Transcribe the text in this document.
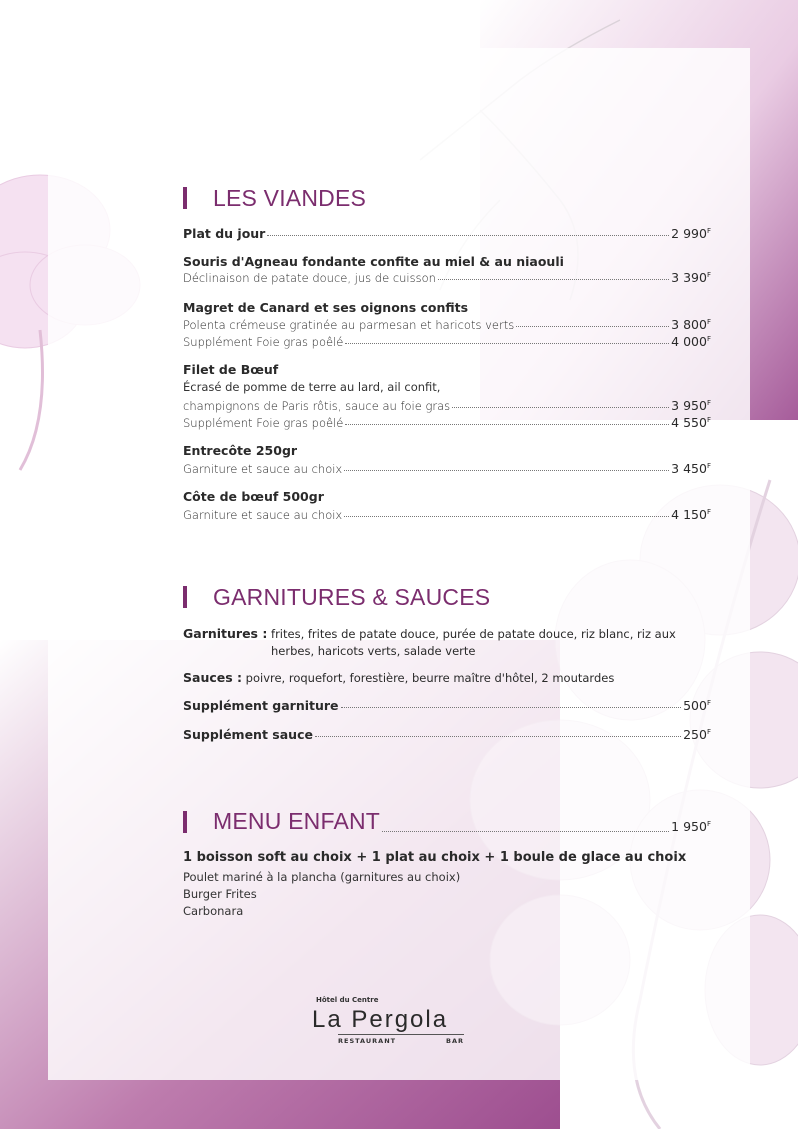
LES VIANDES
Plat du jour	2 $990^F$
Souris d'Agneau fondante confite au miel & au niaouli
Déclinaison de patate douce, jus de cuisson	3 $390^F$
Magret de Canard et ses oignons confits
Polenta crémeuse gratinée au parmesan et haricots verts	3 $800^F$
Supplément Foie gras poêlé	4 $000^F$
Filet de Bœuf
Écrasé de pomme de terre au lard, ail confit,
champignons de Paris rôtis, sauce au foie gras	3 $950^F$
Supplément Foie gras poêlé	4 $550^F$
Entrecôte 250gr
Garniture et sauce au choix	3 $450^F$
Côte de bœuf 500gr
Garniture et sauce au choix	4 $150^F$
GARNITURES & SAUCES
Garnitures : frites, frites de patate douce, purée de patate douce, riz blanc, riz aux
herbes, haricots verts, salade verte
Sauces : poivre, roquefort, forestière, beurre maître d'hôtel, 2 moutardes
Supplément garniture	$500^F$
Supplément sauce	$250^F$
MENU ENFANT	1 $950^F$
1 boisson soft au choix + 1 plat au choix + 1 boule de glace au choix
Poulet mariné à la plancha (garnitures au choix)
Burger Frites
Carbonara
Hôtel du Centre
La Pergola
RESTAURANT	BAR
